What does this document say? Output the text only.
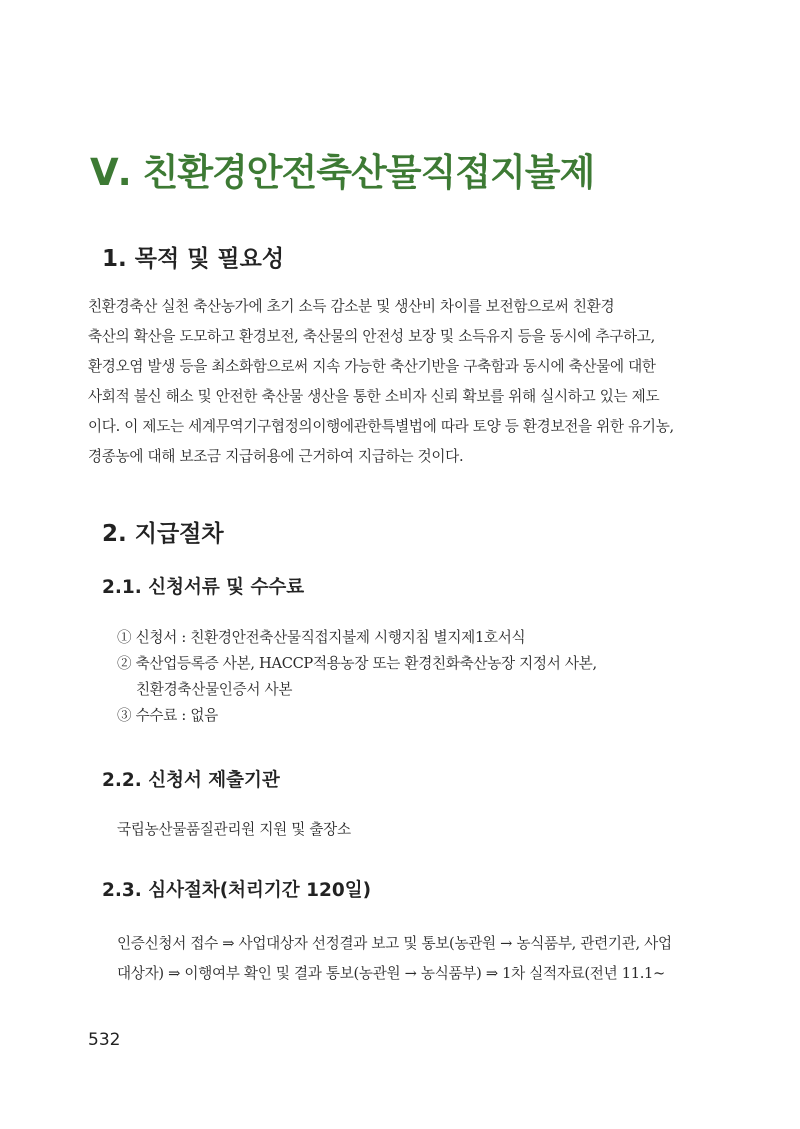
Ⅴ. 친환경안전축산물직접지불제
1. 목적 및 필요성

친환경축산 실천 축산농가에 초기 소득 감소분 및 생산비 차이를 보전함으로써 친환경
축산의 확산을 도모하고 환경보전, 축산물의 안전성 보장 및 소득유지 등을 동시에 추구하고,
환경오염 발생 등을 최소화함으로써 지속 가능한 축산기반을 구축함과 동시에 축산물에 대한
사회적 불신 해소 및 안전한 축산물 생산을 통한 소비자 신뢰 확보를 위해 실시하고 있는 제도
이다. 이 제도는 세계무역기구협정의이행에관한특별법에 따라 토양 등 환경보전을 위한 유기농,
경종농에 대해 보조금 지급허용에 근거하여 지급하는 것이다.

2. 지급절차
2.1. 신청서류 및 수수료
① 신청서 : 친환경안전축산물직접지불제 시행지침 별지제1호서식
② 축산업등록증 사본, HACCP적용농장 또는 환경친화축산농장 지정서 사본,
친환경축산물인증서 사본
③ 수수료 : 없음
2.2. 신청서 제출기관

국립농산물품질관리원 지원 및 출장소

2.3. 심사절차(처리기간 120일)

인증신청서 접수 ⇒ 사업대상자 선정결과 보고 및 통보(농관원 → 농식품부, 관련기관, 사업
대상자) ⇒ 이행여부 확인 및 결과 통보(농관원 → 농식품부) ⇒ 1차 실적자료(전년 11.1~

532
